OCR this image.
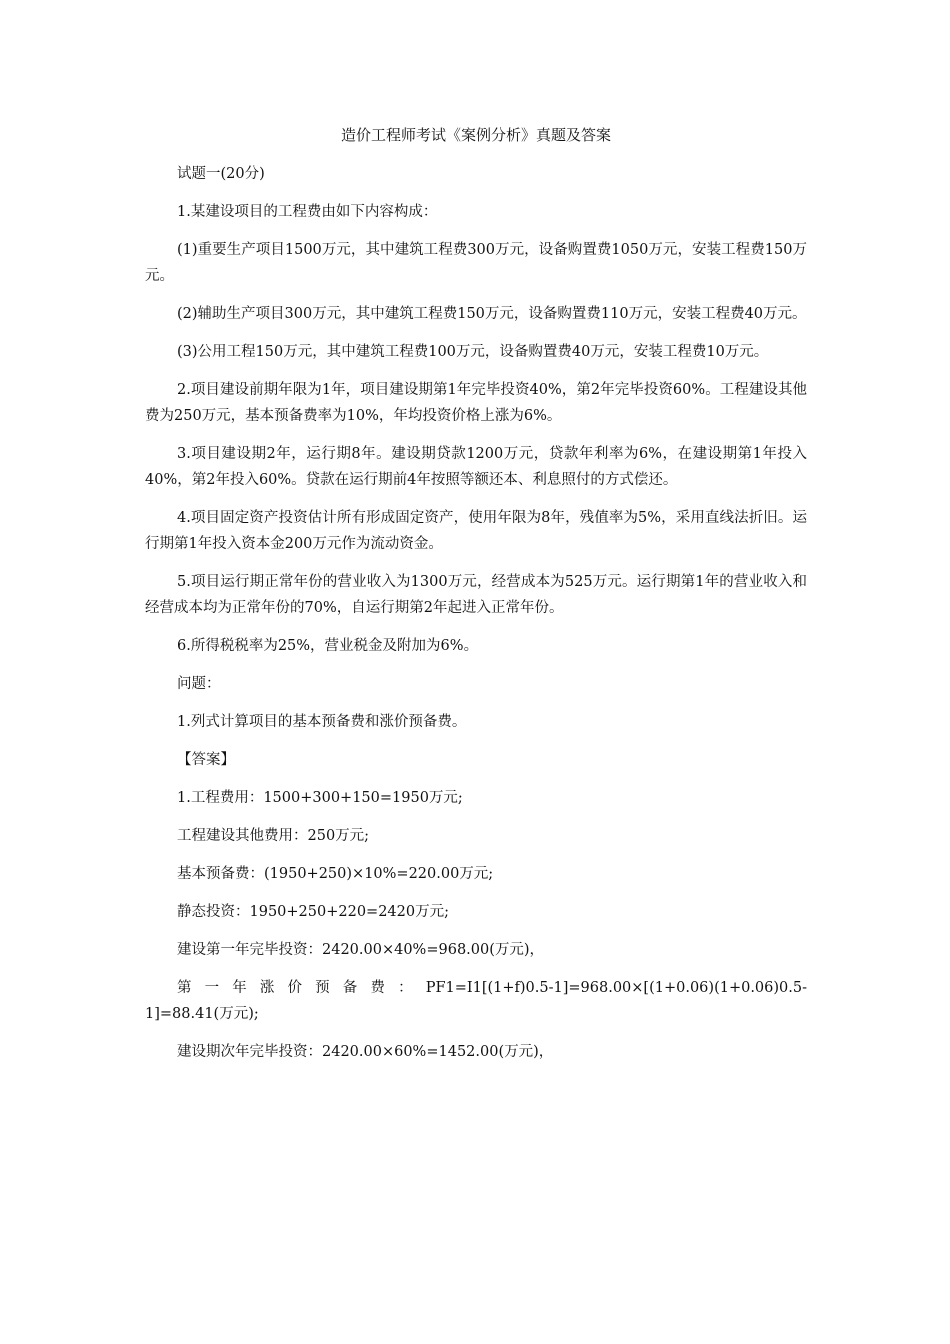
造价工程师考试《案例分析》真题及答案
试题一(20分)
1.某建设项目的工程费由如下内容构成：
(1)重要生产项目1500万元，其中建筑工程费300万元，设备购置费1050万元，安装工程费150万元。
(2)辅助生产项目300万元，其中建筑工程费150万元，设备购置费110万元，安装工程费40万元。
(3)公用工程150万元，其中建筑工程费100万元，设备购置费40万元，安装工程费10万元。
2.项目建设前期年限为1年，项目建设期第1年完毕投资40%，第2年完毕投资60%。工程建设其他费为250万元，基本预备费率为10%，年均投资价格上涨为6%。
3.项目建设期2年，运行期8年。建设期贷款1200万元，贷款年利率为6%，在建设期第1年投入40%，第2年投入60%。贷款在运行期前4年按照等额还本、利息照付的方式偿还。
4.项目固定资产投资估计所有形成固定资产，使用年限为8年，残值率为5%，采用直线法折旧。运行期第1年投入资本金200万元作为流动资金。
5.项目运行期正常年份的营业收入为1300万元，经营成本为525万元。运行期第1年的营业收入和经营成本均为正常年份的70%，自运行期第2年起进入正常年份。
6.所得税税率为25%，营业税金及附加为6%。
问题：
1.列式计算项目的基本预备费和涨价预备费。
【答案】
1.工程费用：1500+300+150=1950万元;
工程建设其他费用：250万元;
基本预备费：(1950+250)×10%=220.00万元;
静态投资：1950+250+220=2420万元;
建设第一年完毕投资：2420.00×40%=968.00(万元)，
第 一 年 涨 价 预 备 费 ： PF1=I1[(1+f)0.5-1]=968.00×[(1+0.06)(1+0.06)0.5-1]=88.41(万元);
建设期次年完毕投资：2420.00×60%=1452.00(万元)，
